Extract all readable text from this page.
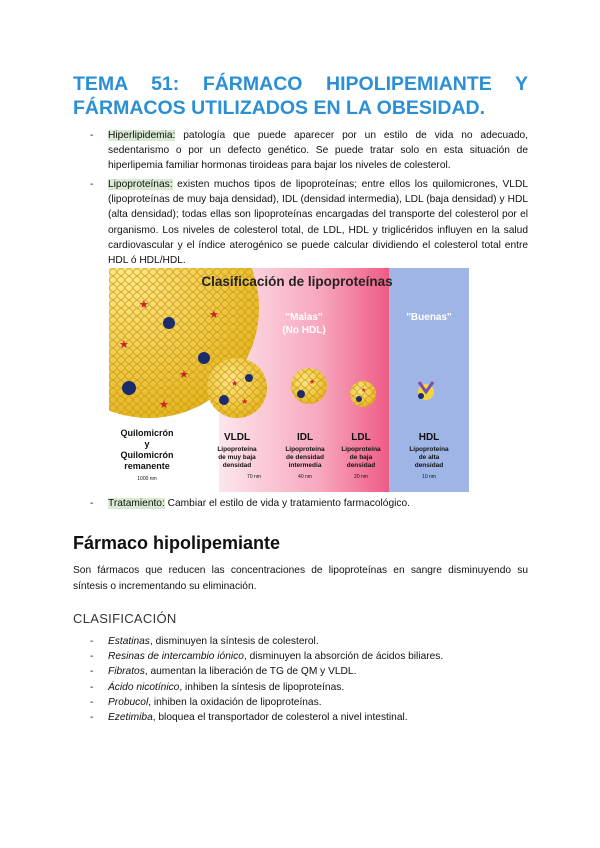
TEMA 51: FÁRMACO HIPOLIPEMIANTE Y
FÁRMACOS UTILIZADOS EN LA OBESIDAD.
- Hiperlipidemia: patología que puede aparecer por un estilo de vida no adecuado, sedentarismo o por un defecto genético. Se puede tratar solo en esta situación de hiperlipemia familiar hormonas tiroideas para bajar los niveles de colesterol.
- Lipoproteínas: existen muchos tipos de lipoproteínas; entre ellos los quilomicrones, VLDL (lipoproteínas de muy baja densidad), IDL (densidad intermedia), LDL (baja densidad) y HDL (alta densidad); todas ellas son lipoproteínas encargadas del transporte del colesterol por el organismo. Los niveles de colesterol total, de LDL, HDL y triglicéridos influyen en la salud cardiovascular y el índice aterogénico se puede calcular dividiendo el colesterol total entre HDL ó HDL/HDL.
★
★
★
★
★
★
★
★
★
Clasificación de lipoproteínas
"Malas"
(No HDL)
"Buenas"
Quilomicrón
y
Quilomicrón
remanente
1000 nm
VLDL
Lipoproteína
de muy baja
densidad
70 nm
IDL
Lipoproteína
de densidad
intermedia
40 nm
LDL
Lipoproteína
de baja
densidad
20 nm
HDL
Lipoproteína
de alta
densidad
10 nm
- Tratamiento: Cambiar el estilo de vida y tratamiento farmacológico.
Fármaco hipolipemiante
Son fármacos que reducen las concentraciones de lipoproteínas en sangre disminuyendo su síntesis o incrementando su eliminación.
CLASIFICACIÓN
- Estatinas, disminuyen la síntesis de colesterol.
- Resinas de intercambio iónico, disminuyen la absorción de ácidos biliares.
- Fibratos, aumentan la liberación de TG de QM y VLDL.
- Ácido nicotínico, inhiben la síntesis de lipoproteínas.
- Probucol, inhiben la oxidación de lipoproteínas.
- Ezetimiba, bloquea el transportador de colesterol a nivel intestinal.
